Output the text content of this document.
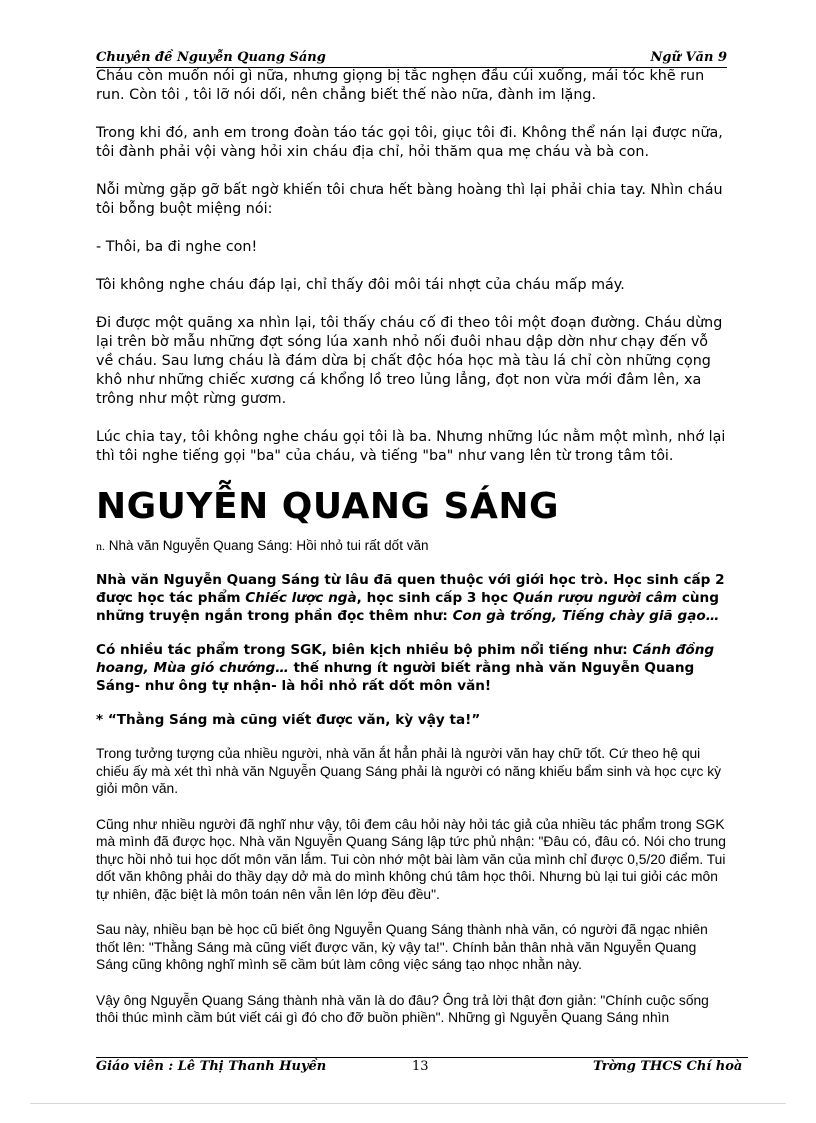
Chuyên đề Nguyễn Quang Sáng	Ngữ Văn 9

Cháu còn muốn nói gì nữa, nhưng giọng bị tắc nghẹn đầu cúi xuống, mái tóc khẽ run run. Còn tôi , tôi lỡ nói dối, nên chẳng biết thế nào nữa, đành im lặng.

Trong khi đó, anh em trong đoàn táo tác gọi tôi, giục tôi đi. Không thể nán lại được nữa, tôi đành phải vội vàng hỏi xin cháu địa chỉ, hỏi thăm qua mẹ cháu và bà con.

Nỗi mừng gặp gỡ bất ngờ khiến tôi chưa hết bàng hoàng thì lại phải chia tay. Nhìn cháu tôi bỗng buột miệng nói:

- Thôi, ba đi nghe con!

Tôi không nghe cháu đáp lại, chỉ thấy đôi môi tái nhợt của cháu mấp máy.

Đi được một quãng xa nhìn lại, tôi thấy cháu cố đi theo tôi một đoạn đường. Cháu dừng lại trên bờ mẫu những đợt sóng lúa xanh nhỏ nối đuôi nhau dập dờn như chạy đến vỗ về cháu. Sau lưng cháu là đám dừa bị chất độc hóa học mà tàu lá chỉ còn những cọng khô như những chiếc xương cá khổng lồ treo lủng lẳng, đọt non vừa mới đâm lên, xa trông như một rừng gươm.

Lúc chia tay, tôi không nghe cháu gọi tôi là ba. Nhưng những lúc nằm một mình, nhớ lại thì tôi nghe tiếng gọi "ba" của cháu, và tiếng "ba" như vang lên từ trong tâm tôi.

NGUYỄN QUANG SÁNG

n. Nhà văn Nguyễn Quang Sáng: Hồi nhỏ tui rất dốt văn

Nhà văn Nguyễn Quang Sáng từ lâu đã quen thuộc với giới học trò. Học sinh cấp 2 được học tác phẩm Chiếc lược ngà, học sinh cấp 3 học Quán rượu người câm cùng những truyện ngắn trong phần đọc thêm như: Con gà trống, Tiếng chày giã gạo…

Có nhiều tác phẩm trong SGK, biên kịch nhiều bộ phim nổi tiếng như: Cánh đồng hoang, Mùa gió chướng… thế nhưng ít người biết rằng nhà văn Nguyễn Quang Sáng- như ông tự nhận- là hồi nhỏ rất dốt môn văn!

* “Thằng Sáng mà cũng viết được văn, kỳ vậy ta!”

Trong tưởng tượng của nhiều người, nhà văn ắt hẳn phải là người văn hay chữ tốt. Cứ theo hệ qui chiếu ấy mà xét thì nhà văn Nguyễn Quang Sáng phải là người có năng khiếu bẩm sinh và học cực kỳ giỏi môn văn.

Cũng như nhiều người đã nghĩ như vậy, tôi đem câu hỏi này hỏi tác giả của nhiều tác phẩm trong SGK mà mình đã được học. Nhà văn Nguyễn Quang Sáng lập tức phủ nhận: "Đâu có, đâu có. Nói cho trung thực hồi nhỏ tui học dốt môn văn lắm. Tui còn nhớ một bài làm văn của mình chỉ được 0,5/20 điểm. Tui dốt văn không phải do thầy dạy dở mà do mình không chú tâm học thôi. Nhưng bù lại tui giỏi các môn tự nhiên, đặc biệt là môn toán nên vẫn lên lớp đều đều".

Sau này, nhiều bạn bè học cũ biết ông Nguyễn Quang Sáng thành nhà văn, có người đã ngạc nhiên thốt lên: "Thằng Sáng mà cũng viết được văn, kỳ vậy ta!". Chính bản thân nhà văn Nguyễn Quang Sáng cũng không nghĩ mình sẽ cầm bút làm công việc sáng tạo nhọc nhằn này.

Vậy ông Nguyễn Quang Sáng thành nhà văn là do đâu? Ông trả lời thật đơn giản: "Chính cuộc sống thôi thúc mình cầm bút viết cái gì đó cho đỡ buồn phiền". Những gì Nguyễn Quang Sáng nhìn

Giáo viên : Lê Thị Thanh Huyền	13	Trờng THCS Chí hoà
